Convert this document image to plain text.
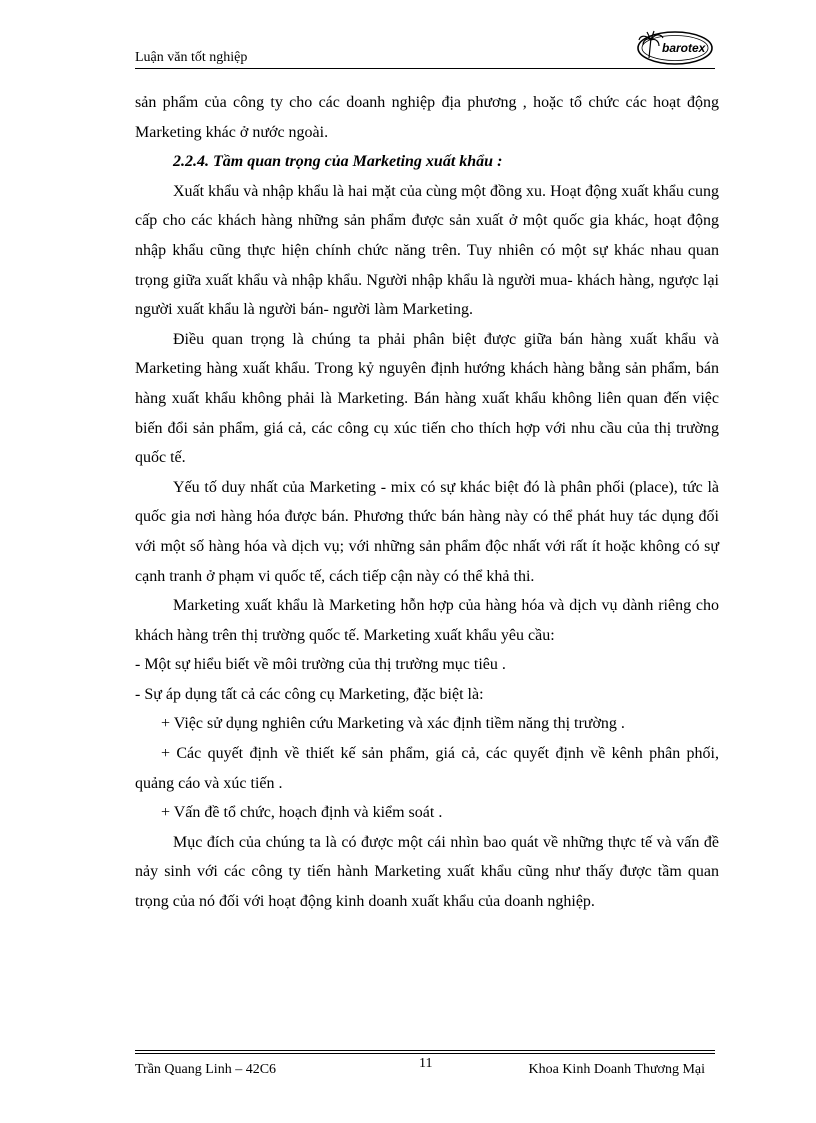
Luận văn tốt nghiệp
barotex

sản phẩm của công ty cho các doanh nghiệp địa phương , hoặc tổ chức các hoạt động Marketing khác ở nước ngoài.

2.2.4. Tầm quan trọng của Marketing xuất khẩu :

Xuất khẩu và nhập khẩu là hai mặt của cùng một đồng xu. Hoạt động xuất khẩu cung cấp cho các khách hàng những sản phẩm được sản xuất ở một quốc gia khác, hoạt động nhập khẩu cũng thực hiện chính chức năng trên. Tuy nhiên có một sự khác nhau quan trọng giữa xuất khẩu và nhập khẩu. Người nhập khẩu là người mua- khách hàng, ngược lại người xuất khẩu là người bán- người làm Marketing.

Điều quan trọng là chúng ta phải phân biệt được giữa bán hàng xuất khẩu và Marketing hàng xuất khẩu. Trong kỷ nguyên định hướng khách hàng bằng sản phẩm, bán hàng xuất khẩu không phải là Marketing. Bán hàng xuất khẩu không liên quan đến việc biến đổi sản phẩm, giá cả, các công cụ xúc tiến cho thích hợp với nhu cầu của thị trường quốc tế.

Yếu tố duy nhất của Marketing - mix có sự khác biệt đó là phân phối (place), tức là quốc gia nơi hàng hóa được bán. Phương thức bán hàng này có thể phát huy tác dụng đối với một số hàng hóa và dịch vụ; với những sản phẩm độc nhất với rất ít hoặc không có sự cạnh tranh ở phạm vi quốc tế, cách tiếp cận này có thể khả thi.

Marketing xuất khẩu là Marketing hỗn hợp của hàng hóa và dịch vụ dành riêng cho khách hàng trên thị trường quốc tế. Marketing xuất khẩu yêu cầu:

- Một sự hiểu biết về môi trường của thị trường mục tiêu .

- Sự áp dụng tất cả các công cụ Marketing, đặc biệt là:

+ Việc sử dụng nghiên cứu Marketing và xác định tiềm năng thị trường .

+ Các quyết định về thiết kế sản phẩm, giá cả, các quyết định về kênh phân phối, quảng cáo và xúc tiến .

+ Vấn đề tổ chức, hoạch định và kiểm soát .

Mục đích của chúng ta là có được một cái nhìn bao quát về những thực tế và vấn đề nảy sinh với các công ty tiến hành Marketing xuất khẩu cũng như thấy được tầm quan trọng của nó đối với hoạt động kinh doanh xuất khẩu của doanh nghiệp.

Trần Quang Linh – 42C6	11	Khoa Kinh Doanh Thương Mại
